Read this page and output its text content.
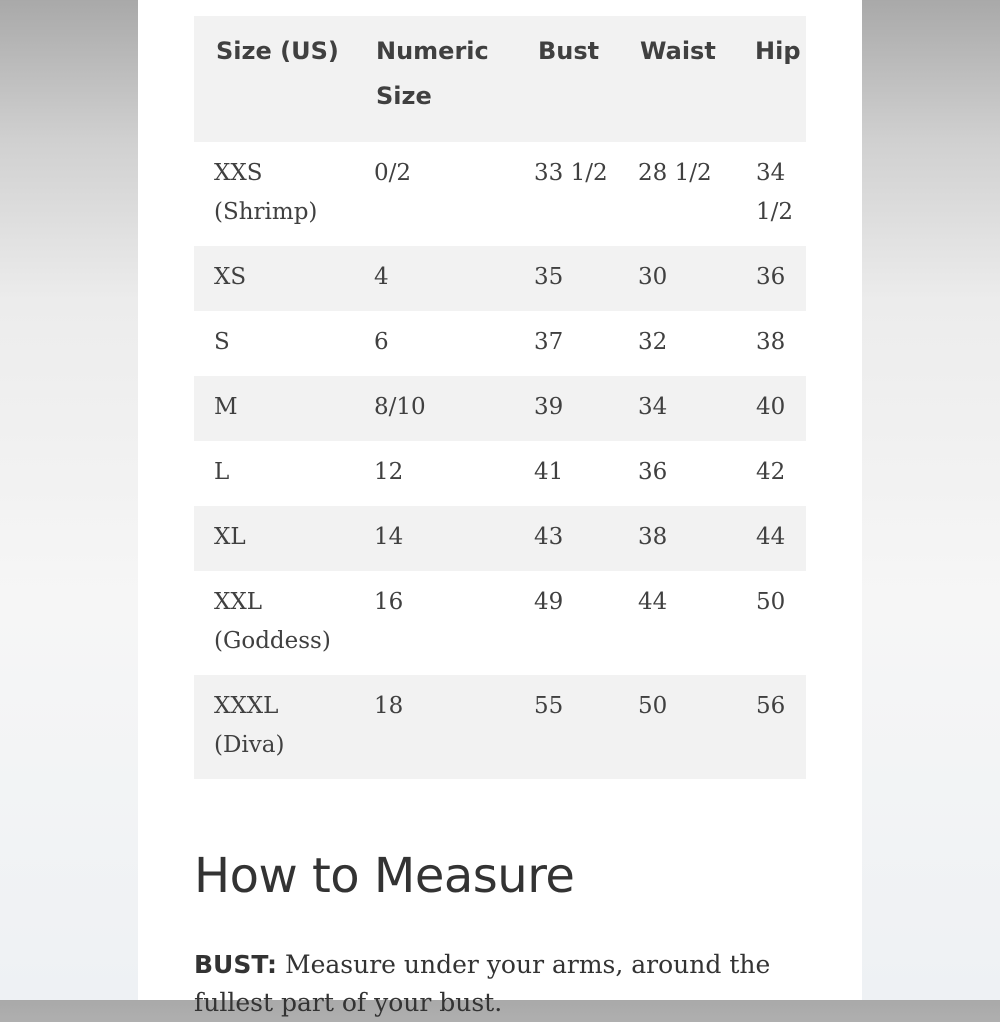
Size (US)	Numeric Size	Bust	Waist	Hip
XXS (Shrimp)	0/2	33 1/2	28 1/2	34 1/2
XS	4	35	30	36
S	6	37	32	38
M	8/10	39	34	40
L	12	41	36	42
XL	14	43	38	44
XXL (Goddess)	16	49	44	50
XXXL (Diva)	18	55	50	56
How to Measure

BUST: Measure under your arms, around the fullest part of your bust.
